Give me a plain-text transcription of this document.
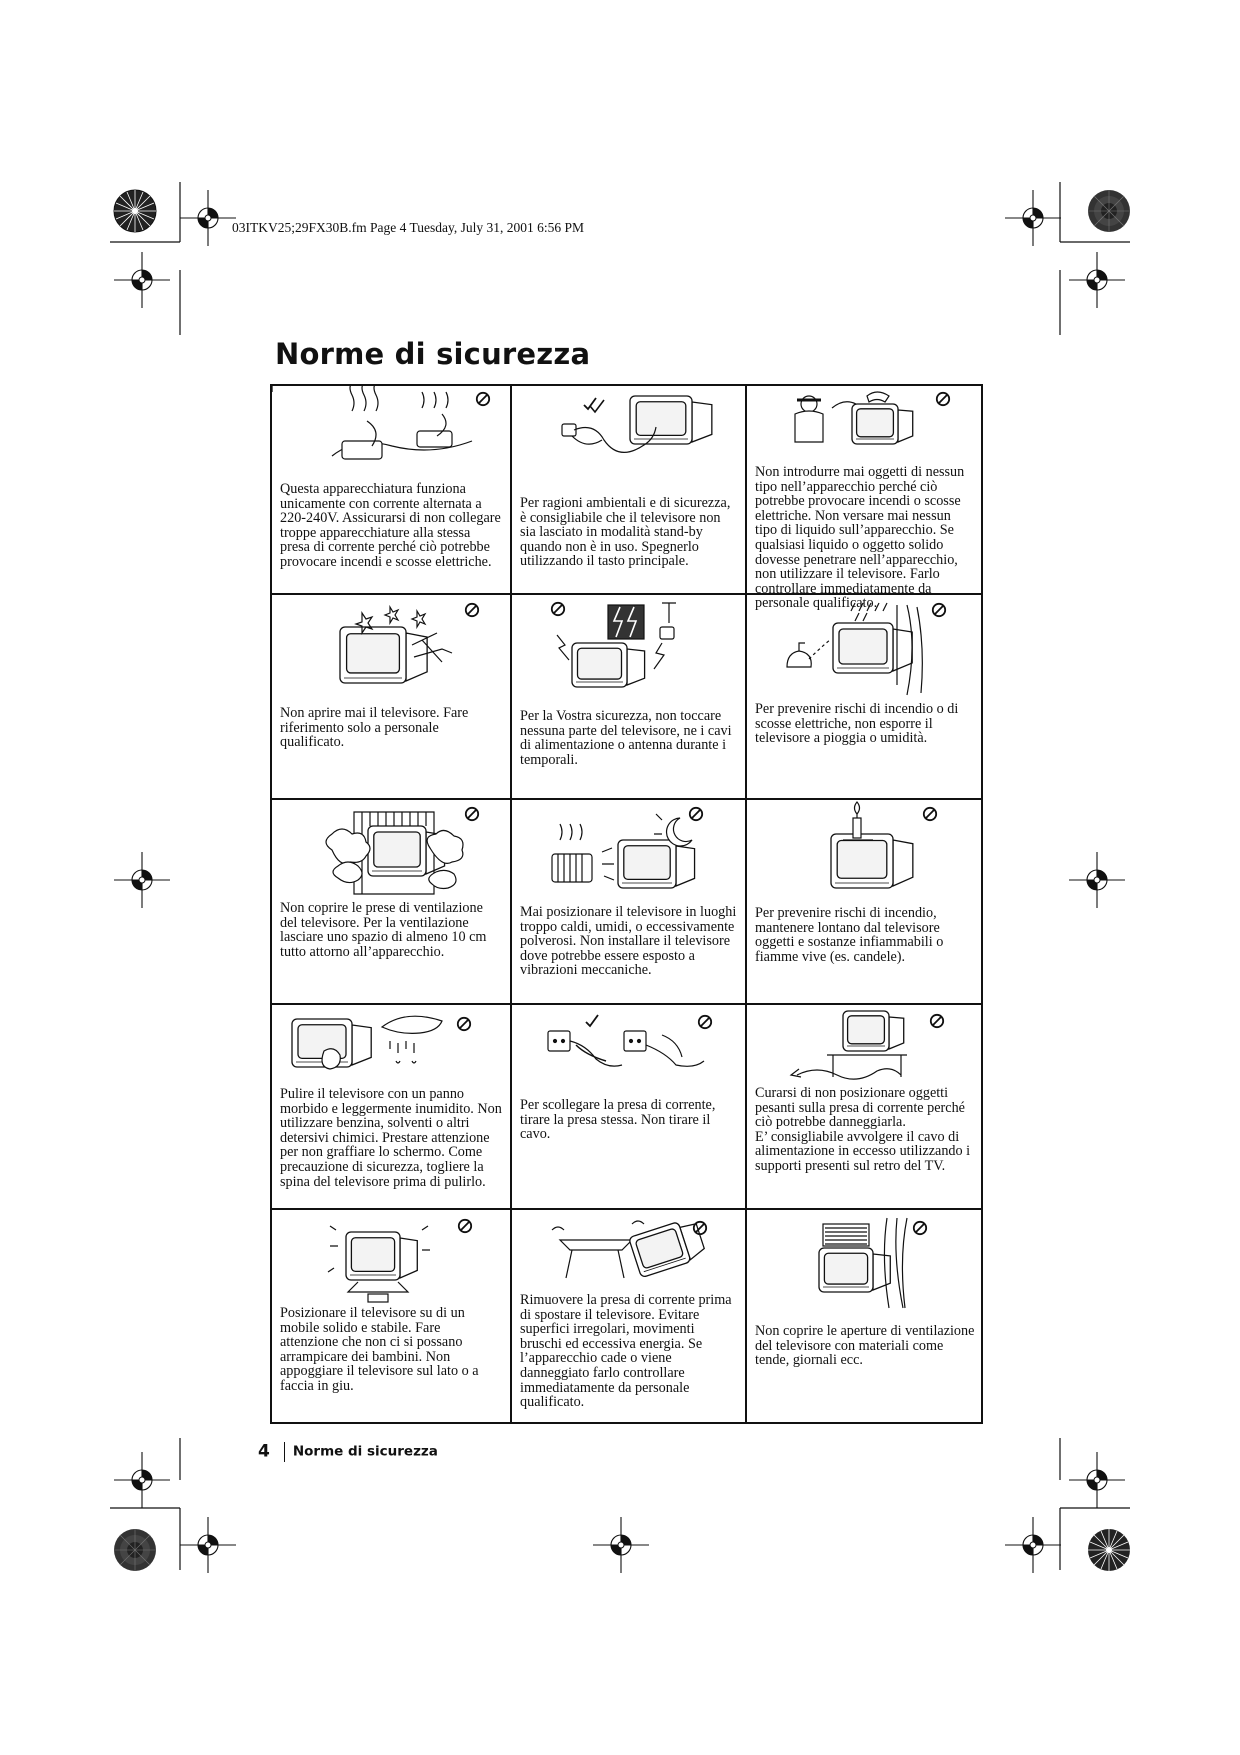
03ITKV25;29FX30B.fm Page 4 Tuesday, July 31, 2001 6:56 PM
Norme di sicurezza

Questa apparecchiatura funziona unicamente con corrente alternata a 220-240V. Assicurarsi di non collegare troppe apparecchiature alla stessa presa di corrente perché ciò potrebbe provocare incendi e scosse elettriche.

Per ragioni ambientali e di sicurezza, è consigliabile che il televisore non sia lasciato in modalità stand-by quando non è in uso. Spegnerlo utilizzando il tasto principale.

Non introdurre mai oggetti di nessun tipo nell’apparecchio perché ciò potrebbe provocare incendi o scosse elettriche. Non versare mai nessun tipo di liquido sull’apparecchio. Se qualsiasi liquido o oggetto solido dovesse penetrare nell’apparecchio, non utilizzare il televisore. Farlo controllare immediatamente da personale qualificato.

Non aprire mai il televisore. Fare riferimento solo a personale qualificato.

Per la Vostra sicurezza, non toccare nessuna parte del televisore, ne i cavi di alimentazione o antenna durante i temporali.

Per prevenire rischi di incendio o di scosse elettriche, non esporre il televisore a pioggia o umidità.

Non coprire le prese di ventilazione del televisore. Per la ventilazione lasciare uno spazio di almeno 10 cm tutto attorno all’apparecchio.

Mai posizionare il televisore in luoghi troppo caldi, umidi, o eccessivamente polverosi. Non installare il televisore dove potrebbe essere esposto a vibrazioni meccaniche.

Per prevenire rischi di incendio, mantenere lontano dal televisore oggetti e sostanze infiammabili o fiamme vive (es. candele).

Pulire il televisore con un panno morbido e leggermente inumidito. Non utilizzare benzina, solventi o altri detersivi chimici. Prestare attenzione per non graffiare lo schermo. Come precauzione di sicurezza, togliere la spina del televisore prima di pulirlo.

Per scollegare la presa di corrente, tirare la presa stessa. Non tirare il cavo.

Curarsi di non posizionare oggetti pesanti sulla presa di corrente perché ciò potrebbe danneggiarla.
E’ consigliabile avvolgere il cavo di alimentazione in eccesso utilizzando i supporti presenti sul retro del TV.

Posizionare il televisore su di un mobile solido e stabile. Fare attenzione che non ci si possano arrampicare dei bambini. Non appoggiare il televisore sul lato o a faccia in giu.

Rimuovere la presa di corrente prima di spostare il televisore. Evitare superfici irregolari, movimenti bruschi ed eccessiva energia. Se l’apparecchio cade o viene danneggiato farlo controllare immediatamente da personale qualificato.

Non coprire le aperture di ventilazione del televisore con materiali come tende, giornali ecc.

4 Norme di sicurezza
